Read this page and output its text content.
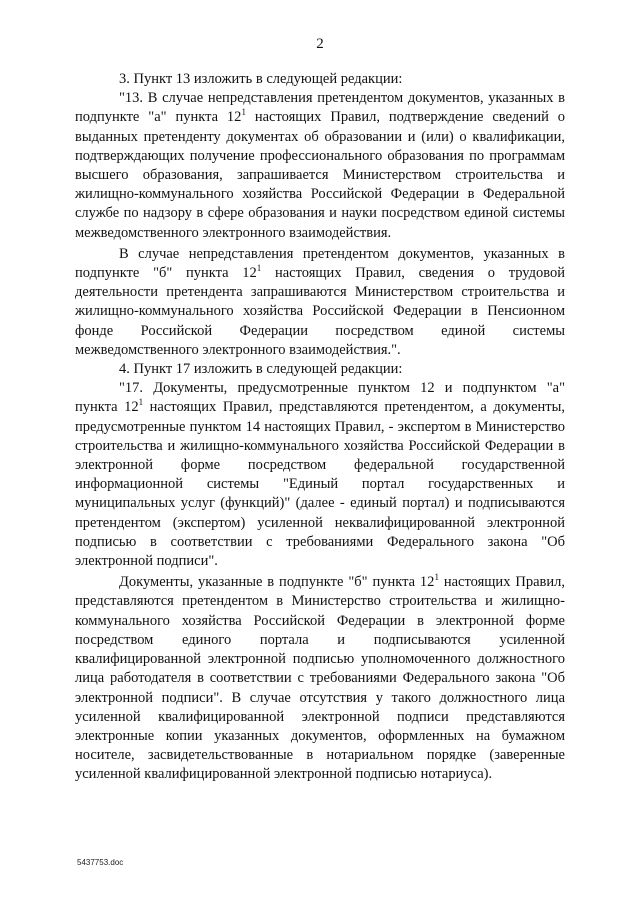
2

3. Пункт 13 изложить в следующей редакции:

"13. В случае непредставления претендентом документов, указанных в подпункте "а" пункта $12^1$ настоящих Правил, подтверждение сведений о выданных претенденту документах об образовании и (или) о квалификации, подтверждающих получение профессионального образования по программам высшего образования, запрашивается Министерством строительства и жилищно-коммунального хозяйства Российской Федерации в Федеральной службе по надзору в сфере образования и науки посредством единой системы межведомственного электронного взаимодействия.

В случае непредставления претендентом документов, указанных в подпункте "б" пункта $12^1$ настоящих Правил, сведения о трудовой деятельности претендента запрашиваются Министерством строительства и жилищно-коммунального хозяйства Российской Федерации в Пенсионном фонде Российской Федерации посредством единой системы межведомственного электронного взаимодействия.".

4. Пункт 17 изложить в следующей редакции:

"17. Документы, предусмотренные пунктом 12 и подпунктом "а" пункта $12^1$ настоящих Правил, представляются претендентом, а документы, предусмотренные пунктом 14 настоящих Правил, - экспертом в Министерство строительства и жилищно-коммунального хозяйства Российской Федерации в электронной форме посредством федеральной государственной информационной системы "Единый портал государственных и муниципальных услуг (функций)" (далее - единый портал) и подписываются претендентом (экспертом) усиленной неквалифицированной электронной подписью в соответствии с требованиями Федерального закона "Об электронной подписи".

Документы, указанные в подпункте "б" пункта $12^1$ настоящих Правил, представляются претендентом в Министерство строительства и жилищно-коммунального хозяйства Российской Федерации в электронной форме посредством единого портала и подписываются усиленной квалифицированной электронной подписью уполномоченного должностного лица работодателя в соответствии с требованиями Федерального закона "Об электронной подписи". В случае отсутствия у такого должностного лица усиленной квалифицированной электронной подписи представляются электронные копии указанных документов, оформленных на бумажном носителе, засвидетельствованные в нотариальном порядке (заверенные усиленной квалифицированной электронной подписью нотариуса).

5437753.doc
